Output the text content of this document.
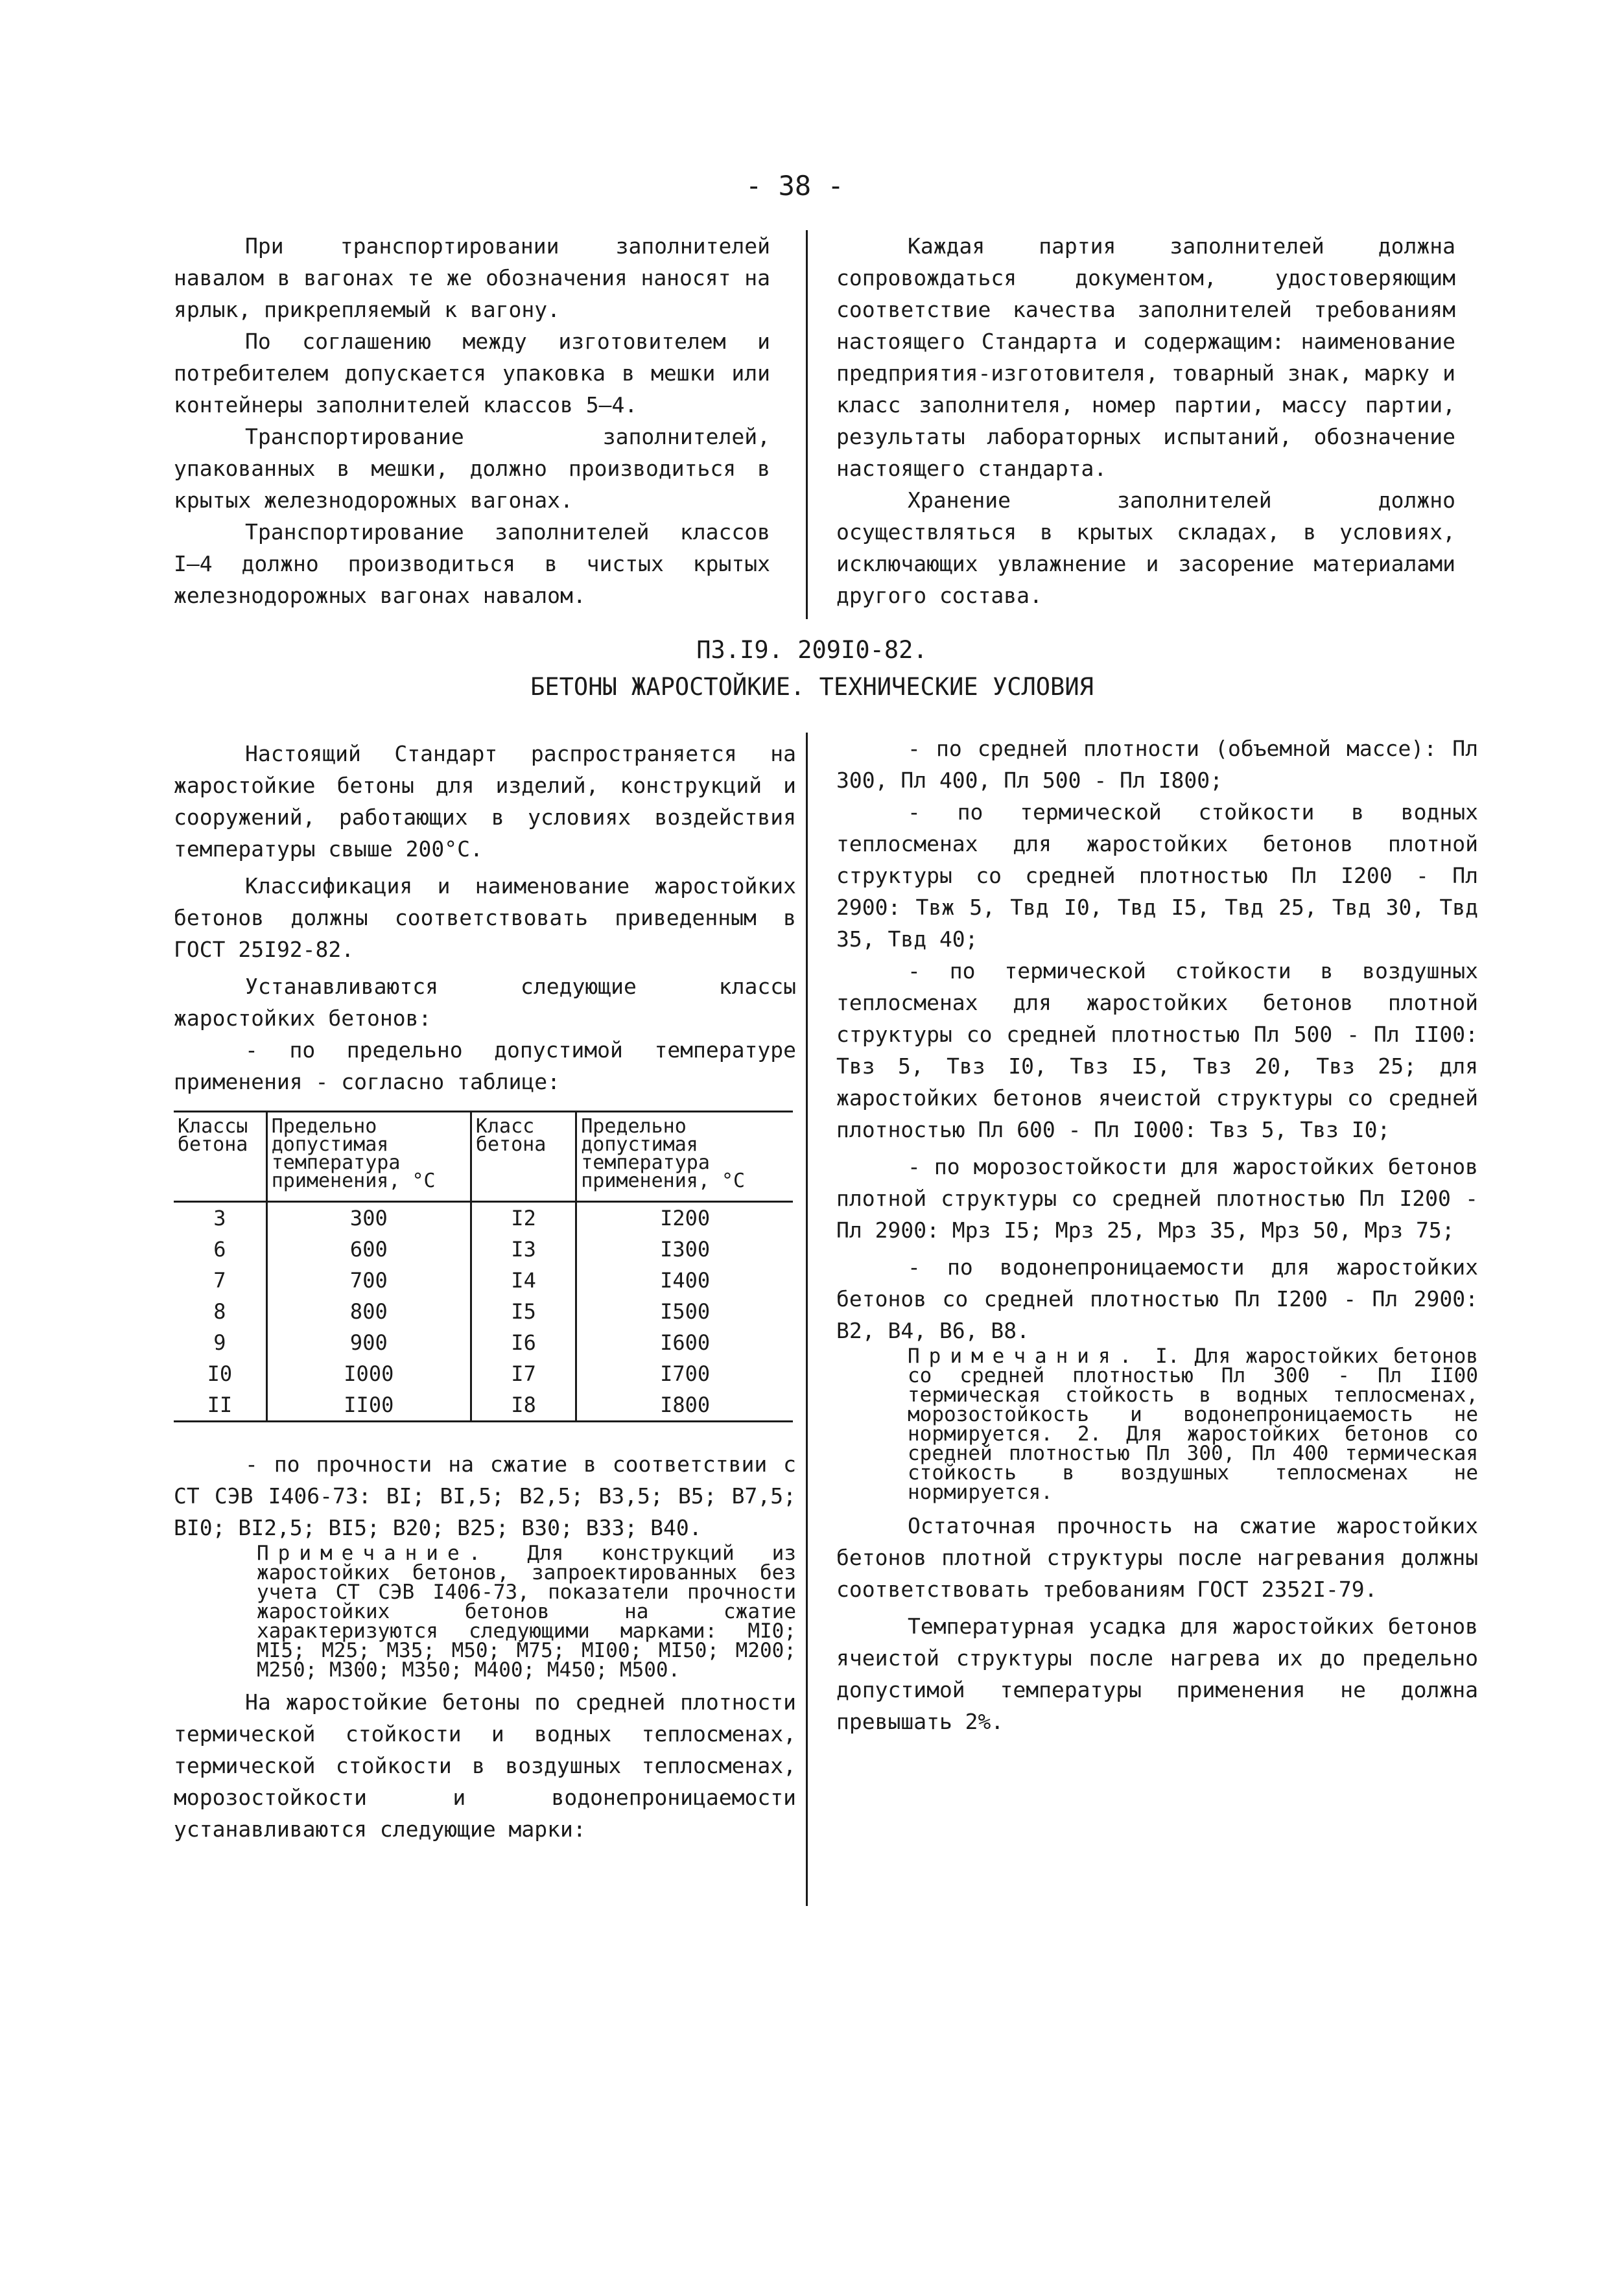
- 38 -

При транспортировании заполнителей навалом в вагонах те же обозначения наносят на ярлык, прикрепляемый к вагону.

По соглашению между изготовителем и потребителем допускается упаковка в мешки или контейнеры заполнителей классов 5–4.

Транспортирование заполнителей, упакованных в мешки, должно производиться в крытых железнодорожных вагонах.

Транспортирование заполнителей классов I–4 должно производиться в чистых крытых железнодорожных вагонах навалом.

Каждая партия заполнителей должна сопровождаться документом, удостоверяющим соответствие качества заполнителей требованиям настоящего Стандарта и содержащим: наименование предприятия-изготовителя, товарный знак, марку и класс заполнителя, номер партии, массу партии, результаты лабораторных испытаний, обозначение настоящего стандарта.

Хранение заполнителей должно осуществляться в крытых складах, в условиях, исключающих увлажнение и засорение материалами другого состава.

ПЗ.I9. 209I0-82.
БЕТОНЫ ЖАРОСТОЙКИЕ. ТЕХНИЧЕСКИЕ УСЛОВИЯ

Настоящий Стандарт распространяется на жаростойкие бетоны для изделий, конструкций и сооружений, работающих в условиях воздействия температуры свыше 200°С.

Классификация и наименование жаростойких бетонов должны соответствовать приведенным в ГОСТ 25I92-82.

Устанавливаются следующие классы жаростойких бетонов:

- по предельно допустимой температуре применения - согласно таблице:

Классы бетона	Предельно допустимая температура применения, °С	Класс бетона	Предельно допустимая температура применения, °С
3	300	I2	I200
6	600	I3	I300
7	700	I4	I400
8	800	I5	I500
9	900	I6	I600
I0	I000	I7	I700
II	II00	I8	I800

- по прочности на сжатие в соответствии с СТ СЭВ I406-73: BI; BI,5; B2,5; B3,5; B5; B7,5; BI0; BI2,5; BI5; B20; B25; B30; B33; B40.

Примечание. Для конструкций из жаростойких бетонов, запроектированных без учета СТ СЭВ I406-73, показатели прочности жаростойких бетонов на сжатие характеризуются следующими марками: MI0; MI5; M25; M35; M50; M75; MI00; MI50; M200; M250; M300; M350; M400; M450; M500.

На жаростойкие бетоны по средней плотности термической стойкости и водных теплосменах, термической стойкости в воздушных теплосменах, морозостойкости и водонепроницаемости устанавливаются следующие марки:

- по средней плотности (объемной массе): Пл 300, Пл 400, Пл 500 - Пл I800;

- по термической стойкости в водных теплосменах для жаростойких бетонов плотной структуры со средней плотностью Пл I200 - Пл 2900: Твж 5, Твд I0, Твд I5, Твд 25, Твд 30, Твд 35, Твд 40;

- по термической стойкости в воздушных теплосменах для жаростойких бетонов плотной структуры со средней плотностью Пл 500 - Пл II00: Твз 5, Твз I0, Твз I5, Твз 20, Твз 25; для жаростойких бетонов ячеистой структуры со средней плотностью Пл 600 - Пл I000: Твз 5, Твз I0;

- по морозостойкости для жаростойких бетонов плотной структуры со средней плотностью Пл I200 - Пл 2900: Мрз I5; Мрз 25, Мрз 35, Мрз 50, Мрз 75;

- по водонепроницаемости для жаростойких бетонов со средней плотностью Пл I200 - Пл 2900: B2, B4, B6, B8.

Примечания. I. Для жаростойких бетонов со средней плотностью Пл 300 - Пл II00 термическая стойкость в водных теплосменах, морозостойкость и водонепроницаемость не нормируется. 2. Для жаростойких бетонов со средней плотностью Пл 300, Пл 400 термическая стойкость в воздушных теплосменах не нормируется.

Остаточная прочность на сжатие жаростойких бетонов плотной структуры после нагревания должны соответствовать требованиям ГОСТ 2352I-79.

Температурная усадка для жаростойких бетонов ячеистой структуры после нагрева их до предельно допустимой температуры применения не должна превышать 2%.
